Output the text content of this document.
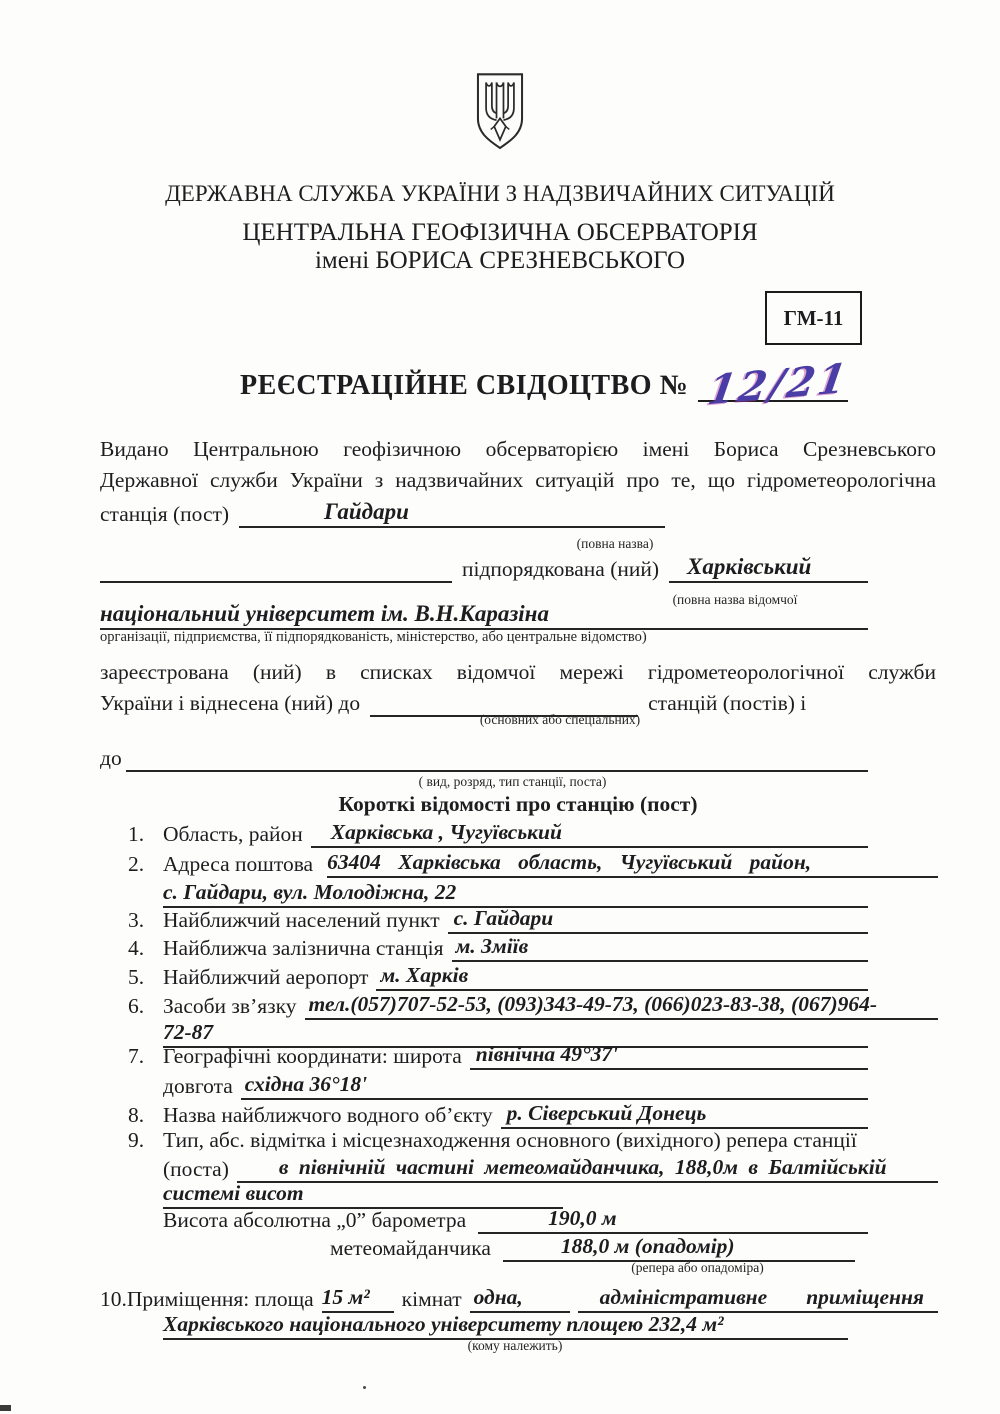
ДЕРЖАВНА СЛУЖБА УКРАЇНИ З НАДЗВИЧАЙНИХ СИТУАЦІЙ
ЦЕНТРАЛЬНА ГЕОФІЗИЧНА ОБСЕРВАТОРІЯ
імені БОРИСА СРЕЗНЕВСЬКОГО
ГМ-11
РЕЄСТРАЦІЙНЕ СВІДОЦТВО № 12/21
Видано Центральною геофізичною обсерваторією імені Бориса Срезневського
Державної служби України з надзвичайних ситуацій про те, що гідрометеорологічна
станція (пост)	Гайдари
(повна назва)
підпорядкована (ний)	Харківський
(повна назва відомчої
національний університет ім. В.Н.Каразіна
організації, підприємства, її підпорядкованість, міністерство, або центральне відомство)
зареєстрована (ний) в списках відомчої мережі гідрометеорологічної служби
України і віднесена (ний) до	станцій (постів) і
(основних або спеціальних)
до
( вид, розряд, тип станції, поста)
Короткі відомості про станцію (пост)
1. Область, район	Харківська , Чугуївський
2. Адреса поштова 63404 Харківська область, Чугуївський район,
с. Гайдари, вул. Молодіжна, 22
3. Найближчий населений пункт с. Гайдари
4. Найближча залізнична станція м. Зміїв
5. Найближчий аеропорт м. Харків
6. Засоби зв’язку тел.(057)707-52-53, (093)343-49-73, (066)023-83-38, (067)964-
72-87
7. Географічні координати: широта північна 49°37'
довгота східна 36°18'
8. Назва найближчого водного об’єкту р. Сіверський Донець
9. Тип, абс. відмітка і місцезнаходження основного (вихідного) репера станції
(поста)	в північній частині метеомайданчика, 188,0м в Балтійській
системі висот
Висота абсолютна „0” барометра	190,0 м
метеомайданчика	188,0 м (опадомір)
(репера або опадоміра)
10. Приміщення: площа 15 м² кімнат одна,	адміністративне приміщення
Харківського національного університету площею 232,4 м²
(кому належить)
